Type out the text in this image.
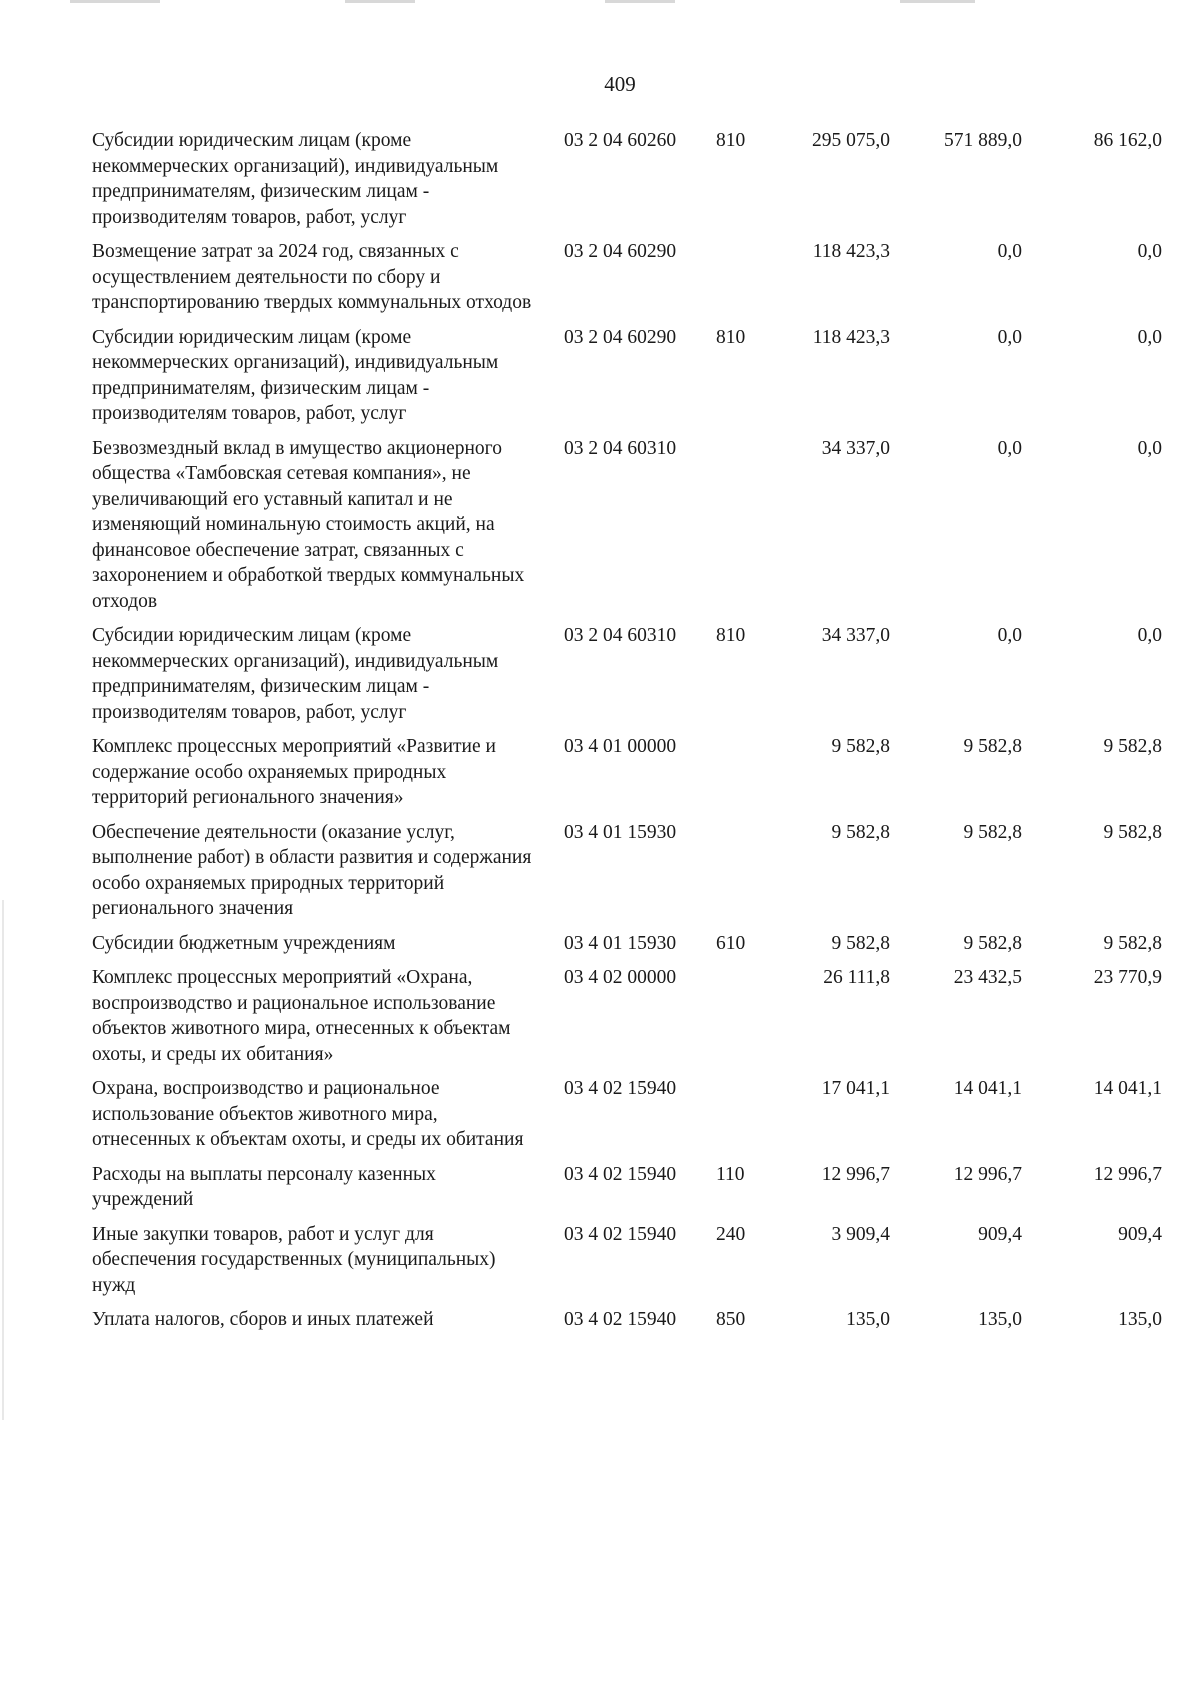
409
Субсидии юридическим лицам (кроме некоммерческих организаций), индивидуальным предпринимателям, физическим лицам - производителям товаров, работ, услуг	03 2 04 60260	810	295 075,0	571 889,0	86 162,0
Возмещение затрат за 2024 год, связанных с осуществлением деятельности по сбору и транспортированию твердых коммунальных отходов	03 2 04 60290		118 423,3	0,0	0,0
Субсидии юридическим лицам (кроме некоммерческих организаций), индивидуальным предпринимателям, физическим лицам - производителям товаров, работ, услуг	03 2 04 60290	810	118 423,3	0,0	0,0
Безвозмездный вклад в имущество акционерного общества «Тамбовская сетевая компания», не увеличивающий его уставный капитал и не изменяющий номинальную стоимость акций, на финансовое обеспечение затрат, связанных с захоронением и обработкой твердых коммунальных отходов	03 2 04 60310		34 337,0	0,0	0,0
Субсидии юридическим лицам (кроме некоммерческих организаций), индивидуальным предпринимателям, физическим лицам - производителям товаров, работ, услуг	03 2 04 60310	810	34 337,0	0,0	0,0
Комплекс процессных мероприятий «Развитие и содержание особо охраняемых природных территорий регионального значения»	03 4 01 00000		9 582,8	9 582,8	9 582,8
Обеспечение деятельности (оказание услуг, выполнение работ) в области развития и содержания особо охраняемых природных территорий регионального значения	03 4 01 15930		9 582,8	9 582,8	9 582,8
Субсидии бюджетным учреждениям	03 4 01 15930	610	9 582,8	9 582,8	9 582,8
Комплекс процессных мероприятий «Охрана, воспроизводство и рациональное использование объектов животного мира, отнесенных к объектам охоты, и среды их обитания»	03 4 02 00000		26 111,8	23 432,5	23 770,9
Охрана, воспроизводство и рациональное использование объектов животного мира, отнесенных к объектам охоты, и среды их обитания	03 4 02 15940		17 041,1	14 041,1	14 041,1
Расходы на выплаты персоналу казенных учреждений	03 4 02 15940	110	12 996,7	12 996,7	12 996,7
Иные закупки товаров, работ и услуг для обеспечения государственных (муниципальных) нужд	03 4 02 15940	240	3 909,4	909,4	909,4
Уплата налогов, сборов и иных платежей	03 4 02 15940	850	135,0	135,0	135,0
